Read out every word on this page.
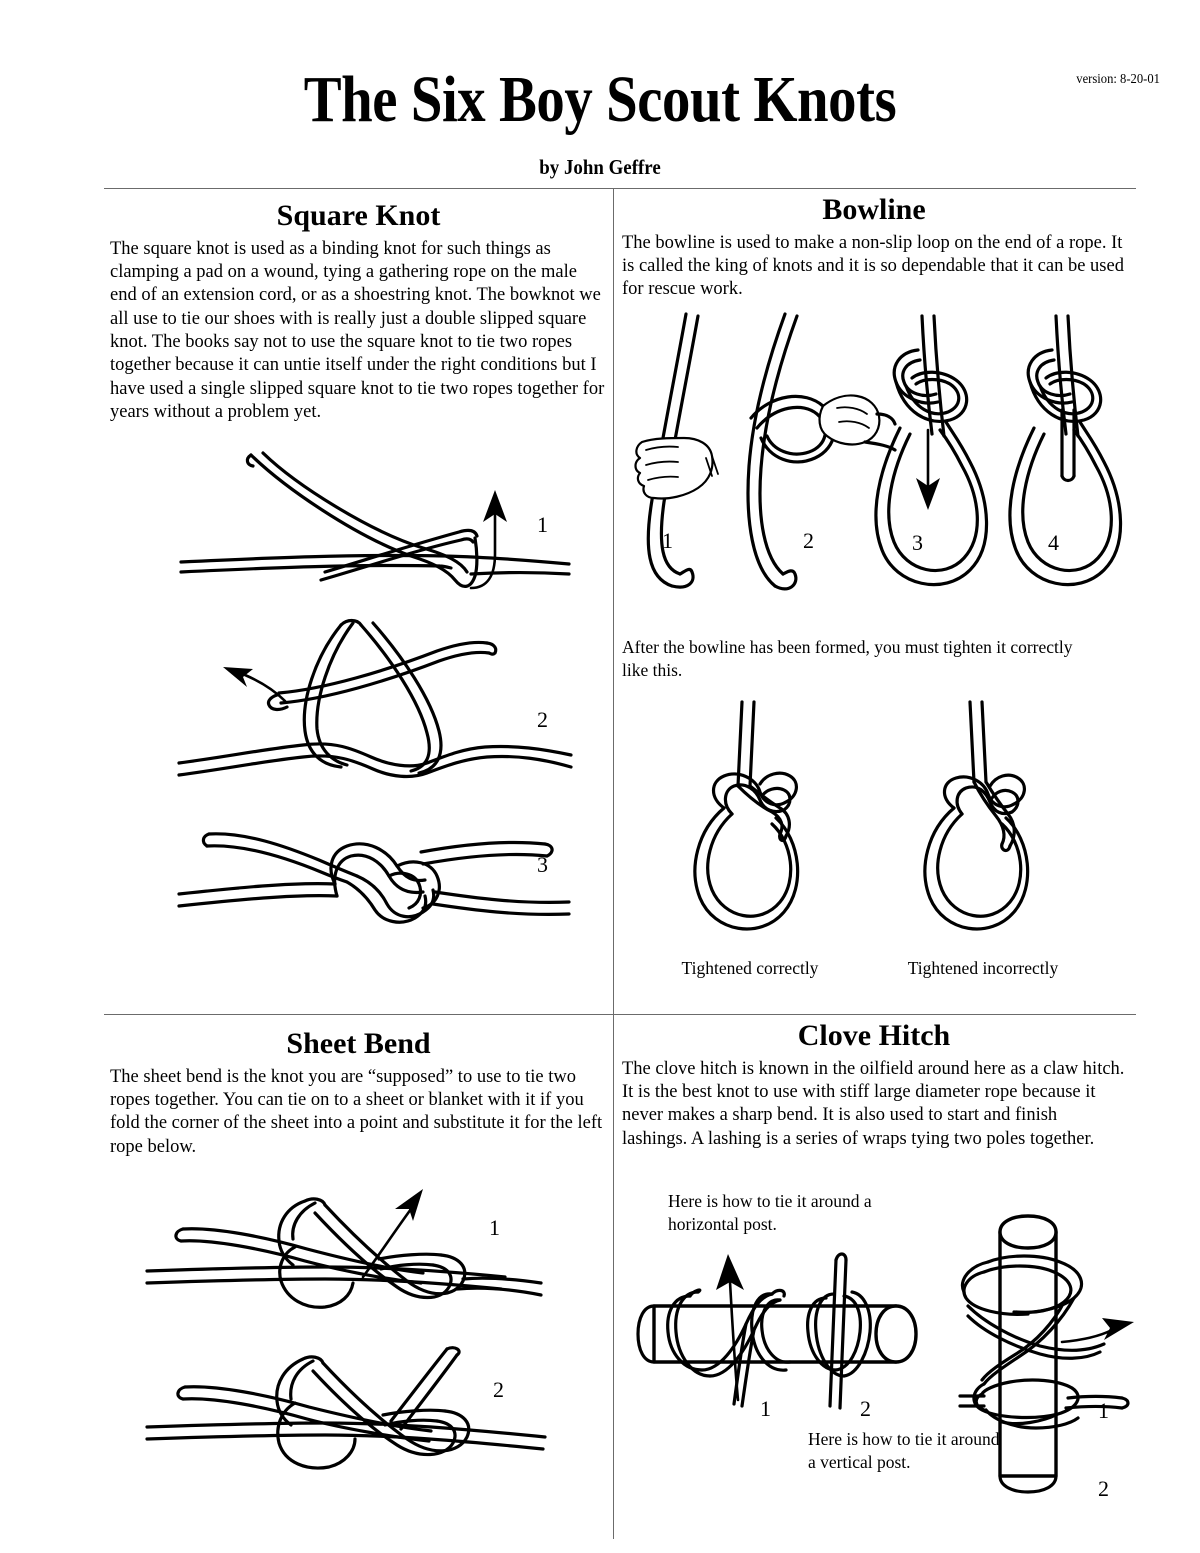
The Six Boy Scout Knots	version: 8-20-01
by John Geffre
Square Knot

The square knot is used as a binding knot for such things as clamping a pad on a wound, tying a gathering rope on the male end of an extension cord, or as a shoestring knot. The bowknot we all use to tie our shoes with is really just a double slipped square knot. The books say not to use the square knot to tie two ropes together because it can untie itself under the right conditions but I have used a single slipped square knot to tie two ropes together for years without a problem yet.

1
2
3
Bowline

The bowline is used to make a non-slip loop on the end of a rope. It is called the king of knots and it is so dependable that it can be used for rescue work.

1	2	3	4
After the bowline has been formed, you must tighten it correctly like this.
Tightened correctly	Tightened incorrectly
Sheet Bend

The sheet bend is the knot you are “supposed” to use to tie two ropes together. You can tie on to a sheet or blanket with it if you fold the corner of the sheet into a point and substitute it for the left rope below.

1
2
Clove Hitch

The clove hitch is known in the oilfield around here as a claw hitch. It is the best knot to use with stiff large diameter rope because it never makes a sharp bend. It is also used to start and finish lashings. A lashing is a series of wraps tying two poles together.

Here is how to tie it around a horizontal post.
1	2	1
2
Here is how to tie it around a vertical post.
